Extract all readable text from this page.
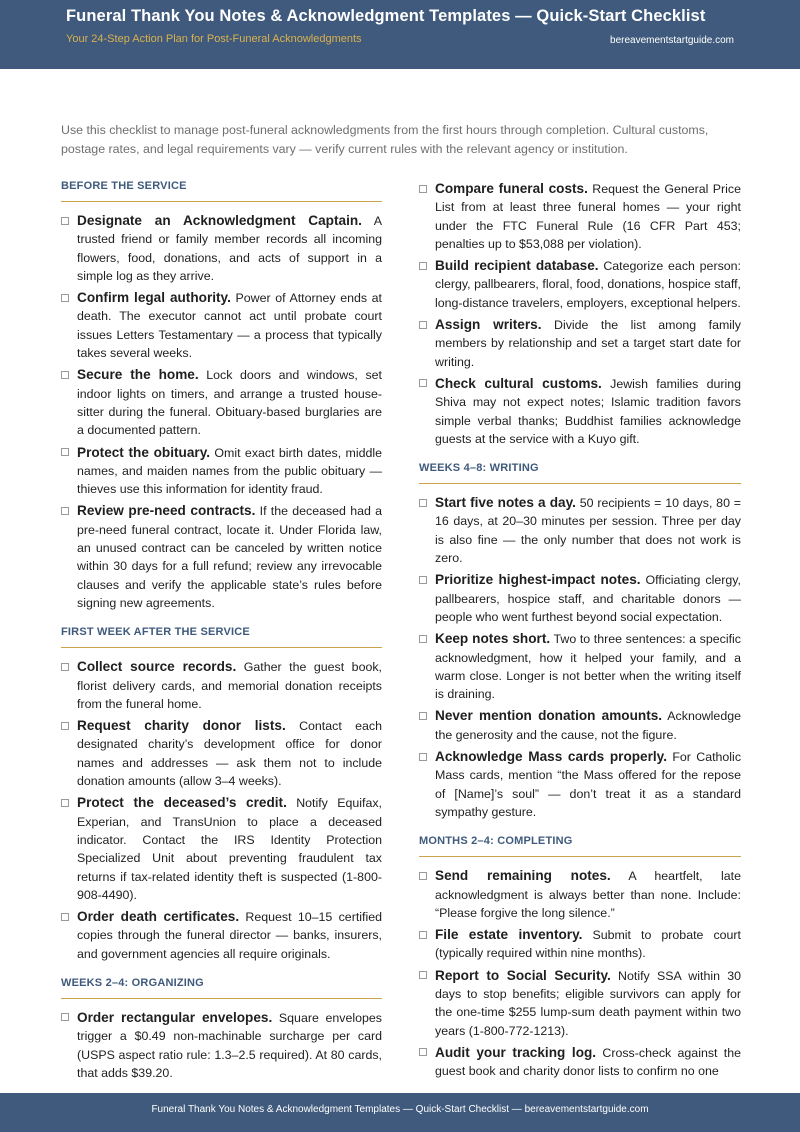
Funeral Thank You Notes & Acknowledgment Templates — Quick-Start Checklist
Your 24-Step Action Plan for Post-Funeral Acknowledgments	bereavementstartguide.com
Use this checklist to manage post-funeral acknowledgments from the first hours through completion. Cultural customs, postage rates, and legal requirements vary — verify current rules with the relevant agency or institution.
BEFORE THE SERVICE
Designate an Acknowledgment Captain. A trusted friend or family member records all incoming flowers, food, donations, and acts of support in a simple log as they arrive.
Confirm legal authority. Power of Attorney ends at death. The executor cannot act until probate court issues Letters Testamentary — a process that typically takes several weeks.
Secure the home. Lock doors and windows, set indoor lights on timers, and arrange a trusted house-sitter during the funeral. Obituary-based burglaries are a documented pattern.
Protect the obituary. Omit exact birth dates, middle names, and maiden names from the public obituary — thieves use this information for identity fraud.
Review pre-need contracts. If the deceased had a pre-need funeral contract, locate it. Under Florida law, an unused contract can be canceled by written notice within 30 days for a full refund; review any irrevocable clauses and verify the applicable state’s rules before signing new agreements.
FIRST WEEK AFTER THE SERVICE
Collect source records. Gather the guest book, florist delivery cards, and memorial donation receipts from the funeral home.
Request charity donor lists. Contact each designated charity’s development office for donor names and addresses — ask them not to include donation amounts (allow 3–4 weeks).
Protect the deceased’s credit. Notify Equifax, Experian, and TransUnion to place a deceased indicator. Contact the IRS Identity Protection Specialized Unit about preventing fraudulent tax returns if tax-related identity theft is suspected (1-800-908-4490).
Order death certificates. Request 10–15 certified copies through the funeral director — banks, insurers, and government agencies all require originals.
WEEKS 2–4: ORGANIZING
Order rectangular envelopes. Square envelopes trigger a $0.49 non-machinable surcharge per card (USPS aspect ratio rule: 1.3–2.5 required). At 80 cards, that adds $39.20.
Compare funeral costs. Request the General Price List from at least three funeral homes — your right under the FTC Funeral Rule (16 CFR Part 453; penalties up to $53,088 per violation).
Build recipient database. Categorize each person: clergy, pallbearers, floral, food, donations, hospice staff, long-distance travelers, employers, exceptional helpers.
Assign writers. Divide the list among family members by relationship and set a target start date for writing.
Check cultural customs. Jewish families during Shiva may not expect notes; Islamic tradition favors simple verbal thanks; Buddhist families acknowledge guests at the service with a Kuyo gift.
WEEKS 4–8: WRITING
Start five notes a day. 50 recipients = 10 days, 80 = 16 days, at 20–30 minutes per session. Three per day is also fine — the only number that does not work is zero.
Prioritize highest-impact notes. Officiating clergy, pallbearers, hospice staff, and charitable donors — people who went furthest beyond social expectation.
Keep notes short. Two to three sentences: a specific acknowledgment, how it helped your family, and a warm close. Longer is not better when the writing itself is draining.
Never mention donation amounts. Acknowledge the generosity and the cause, not the figure.
Acknowledge Mass cards properly. For Catholic Mass cards, mention “the Mass offered for the repose of [Name]’s soul” — don’t treat it as a standard sympathy gesture.
MONTHS 2–4: COMPLETING
Send remaining notes. A heartfelt, late acknowledgment is always better than none. Include: “Please forgive the long silence.”
File estate inventory. Submit to probate court (typically required within nine months).
Report to Social Security. Notify SSA within 30 days to stop benefits; eligible survivors can apply for the one-time $255 lump-sum death payment within two years (1-800-772-1213).
Audit your tracking log. Cross-check against the guest book and charity donor lists to confirm no one
Funeral Thank You Notes & Acknowledgment Templates — Quick-Start Checklist — bereavementstartguide.com
